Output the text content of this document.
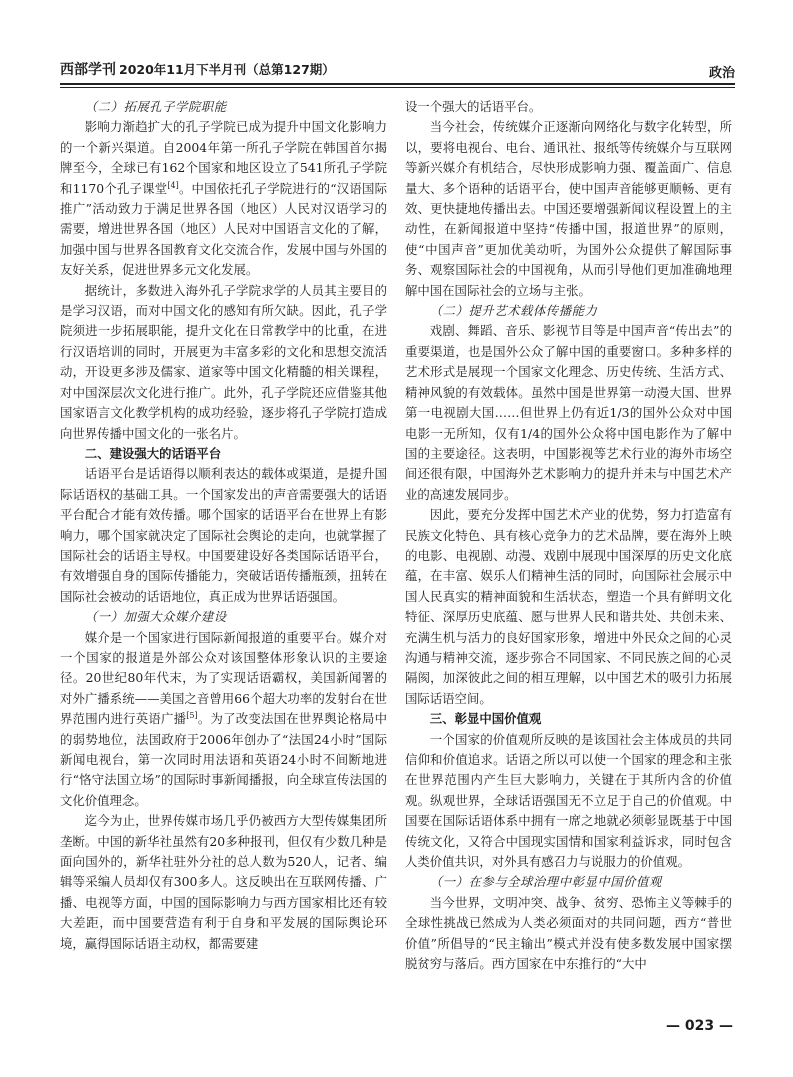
西部学刊 2020年11月下半月刊（总第127期）	政治

（二）拓展孔子学院职能

影响力渐趋扩大的孔子学院已成为提升中国文化影响力的一个新兴渠道。自2004年第一所孔子学院在韩国首尔揭牌至今，全球已有162个国家和地区设立了541所孔子学院和1170个孔子课堂[4]。中国依托孔子学院进行的“汉语国际推广”活动致力于满足世界各国（地区）人民对汉语学习的需要，增进世界各国（地区）人民对中国语言文化的了解，加强中国与世界各国教育文化交流合作，发展中国与外国的友好关系，促进世界多元文化发展。

据统计，多数进入海外孔子学院求学的人员其主要目的是学习汉语，而对中国文化的感知有所欠缺。因此，孔子学院须进一步拓展职能，提升文化在日常教学中的比重，在进行汉语培训的同时，开展更为丰富多彩的文化和思想交流活动，开设更多涉及儒家、道家等中国文化精髓的相关课程，对中国深层次文化进行推广。此外，孔子学院还应借鉴其他国家语言文化教学机构的成功经验，逐步将孔子学院打造成向世界传播中国文化的一张名片。

二、建设强大的话语平台

话语平台是话语得以顺利表达的载体或渠道，是提升国际话语权的基础工具。一个国家发出的声音需要强大的话语平台配合才能有效传播。哪个国家的话语平台在世界上有影响力，哪个国家就决定了国际社会舆论的走向，也就掌握了国际社会的话语主导权。中国要建设好各类国际话语平台，有效增强自身的国际传播能力，突破话语传播瓶颈，扭转在国际社会被动的话语地位，真正成为世界话语强国。

（一）加强大众媒介建设

媒介是一个国家进行国际新闻报道的重要平台。媒介对一个国家的报道是外部公众对该国整体形象认识的主要途径。20世纪80年代末，为了实现话语霸权，美国新闻署的对外广播系统——美国之音曾用66个超大功率的发射台在世界范围内进行英语广播[5]。为了改变法国在世界舆论格局中的弱势地位，法国政府于2006年创办了“法国24小时”国际新闻电视台，第一次同时用法语和英语24小时不间断地进行“恪守法国立场”的国际时事新闻播报，向全球宣传法国的文化价值理念。

迄今为止，世界传媒市场几乎仍被西方大型传媒集团所垄断。中国的新华社虽然有20多种报刊，但仅有少数几种是面向国外的，新华社驻外分社的总人数为520人，记者、编辑等采编人员却仅有300多人。这反映出在互联网传播、广播、电视等方面，中国的国际影响力与西方国家相比还有较大差距，而中国要营造有利于自身和平发展的国际舆论环境，赢得国际话语主动权，都需要建

设一个强大的话语平台。

当今社会，传统媒介正逐渐向网络化与数字化转型，所以，要将电视台、电台、通讯社、报纸等传统媒介与互联网等新兴媒介有机结合，尽快形成影响力强、覆盖面广、信息量大、多个语种的话语平台，使中国声音能够更顺畅、更有效、更快捷地传播出去。中国还要增强新闻议程设置上的主动性，在新闻报道中坚持“传播中国，报道世界”的原则，使“中国声音”更加优美动听，为国外公众提供了解国际事务、观察国际社会的中国视角，从而引导他们更加准确地理解中国在国际社会的立场与主张。

（二）提升艺术载体传播能力

戏剧、舞蹈、音乐、影视节目等是中国声音“传出去”的重要渠道，也是国外公众了解中国的重要窗口。多种多样的艺术形式是展现一个国家文化理念、历史传统、生活方式、精神风貌的有效载体。虽然中国是世界第一动漫大国、世界第一电视剧大国……但世界上仍有近1/3的国外公众对中国电影一无所知，仅有1/4的国外公众将中国电影作为了解中国的主要途径。这表明，中国影视等艺术行业的海外市场空间还很有限，中国海外艺术影响力的提升并未与中国艺术产业的高速发展同步。

因此，要充分发挥中国艺术产业的优势，努力打造富有民族文化特色、具有核心竞争力的艺术品牌，要在海外上映的电影、电视剧、动漫、戏剧中展现中国深厚的历史文化底蕴，在丰富、娱乐人们精神生活的同时，向国际社会展示中国人民真实的精神面貌和生活状态，塑造一个具有鲜明文化特征、深厚历史底蕴、愿与世界人民和谐共处、共创未来、充满生机与活力的良好国家形象，增进中外民众之间的心灵沟通与精神交流，逐步弥合不同国家、不同民族之间的心灵隔阂，加深彼此之间的相互理解，以中国艺术的吸引力拓展国际话语空间。

三、彰显中国价值观

一个国家的价值观所反映的是该国社会主体成员的共同信仰和价值追求。话语之所以可以使一个国家的理念和主张在世界范围内产生巨大影响力，关键在于其所内含的价值观。纵观世界，全球话语强国无不立足于自己的价值观。中国要在国际话语体系中拥有一席之地就必须彰显既基于中国传统文化，又符合中国现实国情和国家利益诉求，同时包含人类价值共识，对外具有感召力与说服力的价值观。

（一）在参与全球治理中彰显中国价值观

当今世界，文明冲突、战争、贫穷、恐怖主义等棘手的全球性挑战已然成为人类必须面对的共同问题，西方“普世价值”所倡导的“民主输出”模式并没有使多数发展中国家摆脱贫穷与落后。西方国家在中东推行的“大中

— 023 —
